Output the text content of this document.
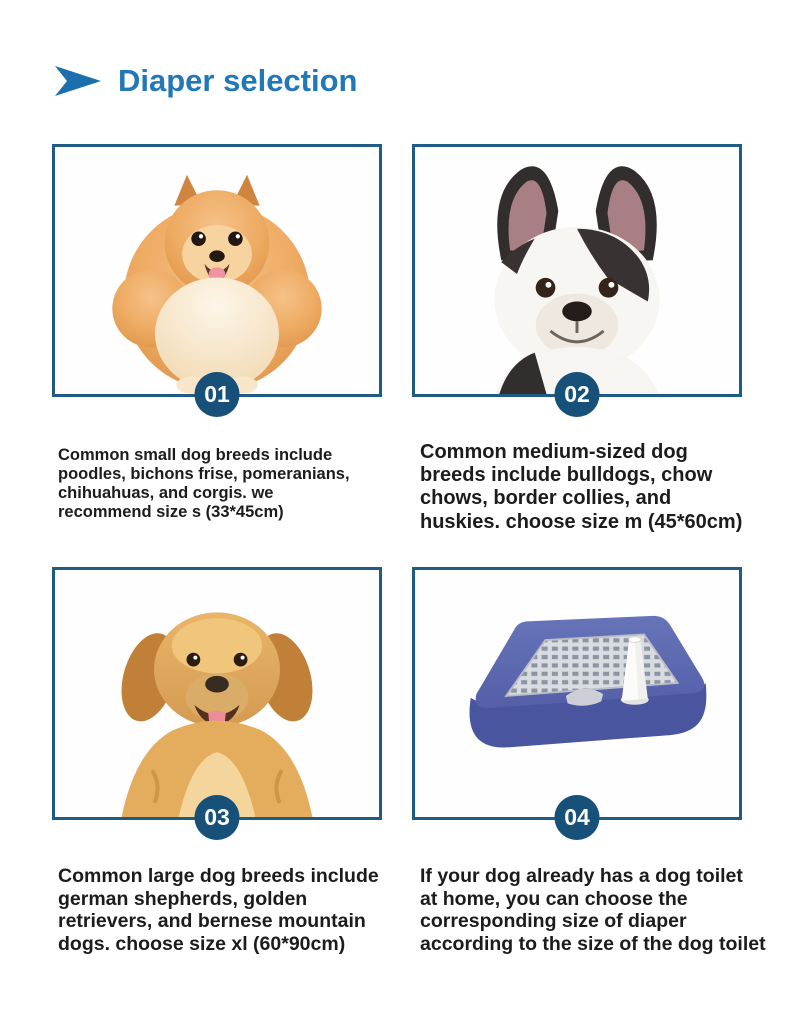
Diaper selection
01	02
03	04
Common small dog breeds include
poodles, bichons frise, pomeranians,
chihuahuas, and corgis. we
recommend size s (33*45cm)
Common medium-sized dog
breeds include bulldogs, chow
chows, border collies, and
huskies. choose size m (45*60cm)
Common large dog breeds include
german shepherds, golden
retrievers, and bernese mountain
dogs. choose size xl (60*90cm)
If your dog already has a dog toilet
at home, you can choose the
corresponding size of diaper
according to the size of the dog toilet
